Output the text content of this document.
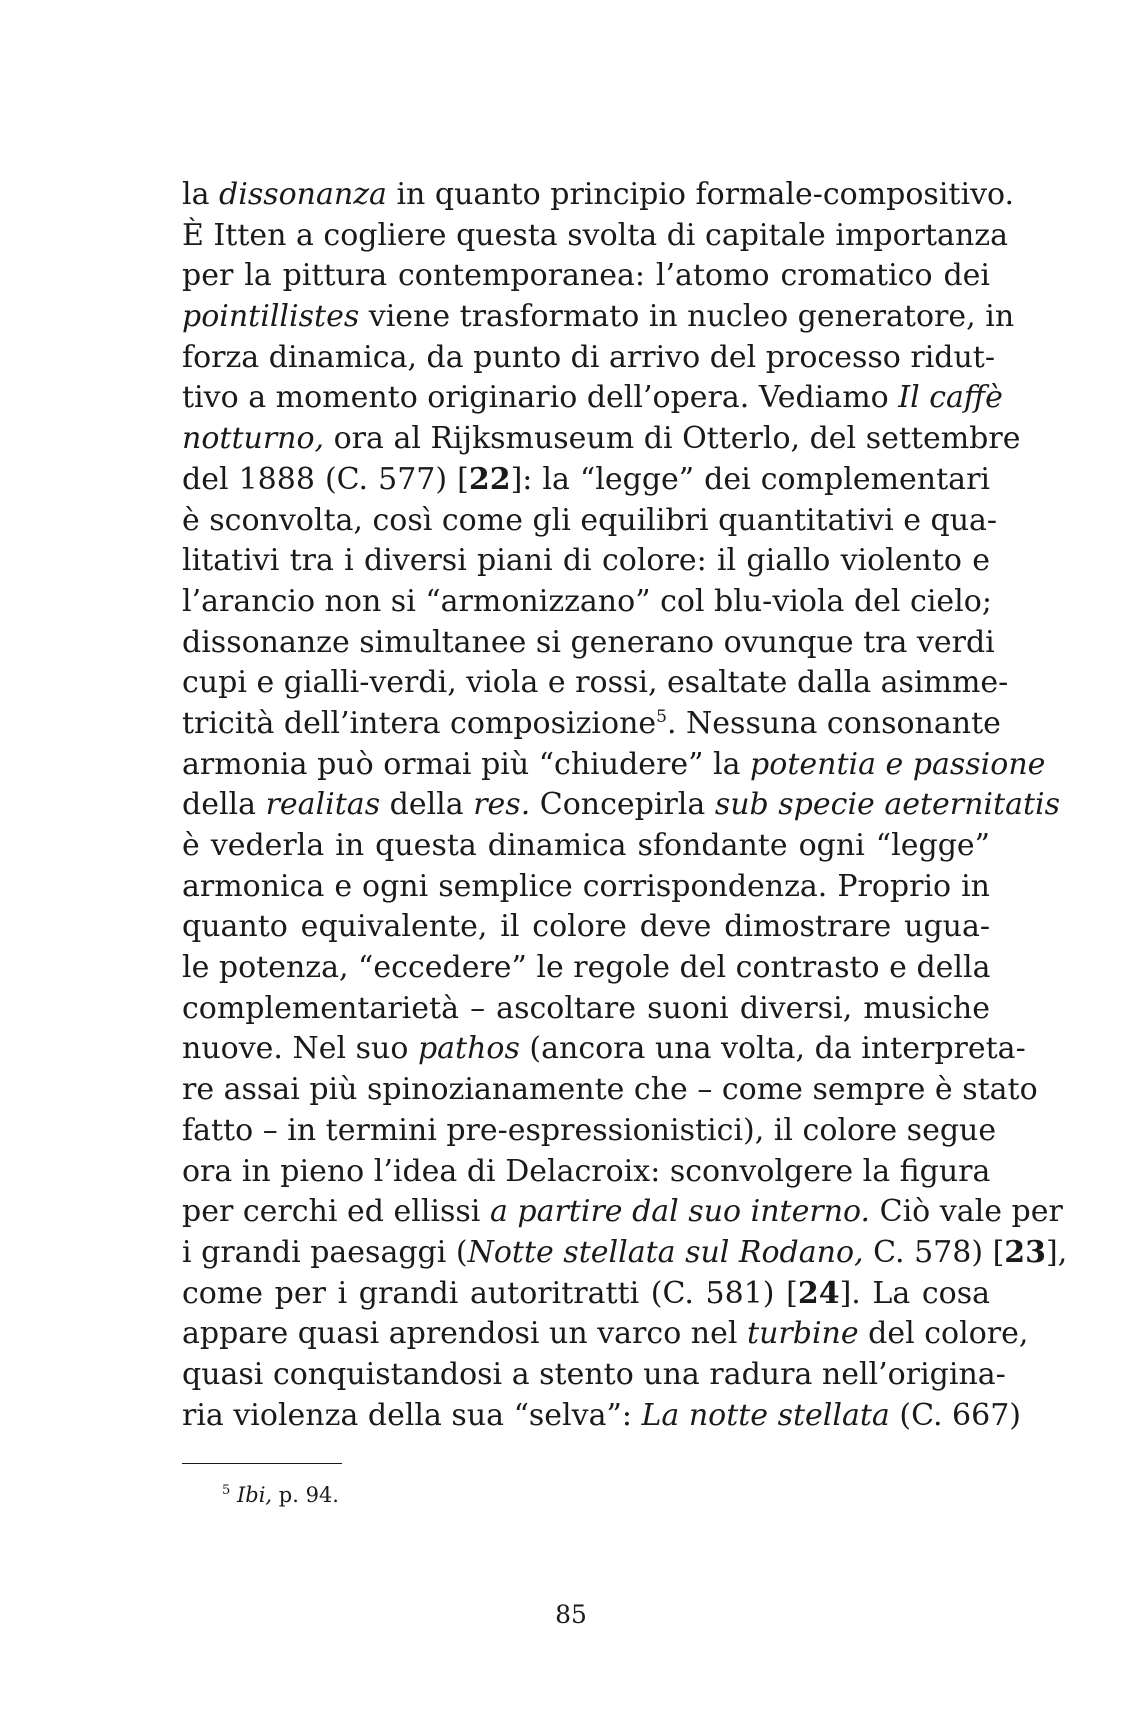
la dissonanza in quanto principio formale-compositivo.
È Itten a cogliere questa svolta di capitale importanza
per la pittura contemporanea: l’atomo cromatico dei
pointillistes viene trasformato in nucleo generatore, in
forza dinamica, da punto di arrivo del processo ridut-
tivo a momento originario dell’opera. Vediamo Il caffè
notturno, ora al Rijksmuseum di Otterlo, del settembre
del 1888 (C. 577) [22]: la “legge” dei complementari
è sconvolta, così come gli equilibri quantitativi e qua-
litativi tra i diversi piani di colore: il giallo violento e
l’arancio non si “armonizzano” col blu-viola del cielo;
dissonanze simultanee si generano ovunque tra verdi
cupi e gialli-verdi, viola e rossi, esaltate dalla asimme-
tricità dell’intera composizione$^5$. Nessuna consonante
armonia può ormai più “chiudere” la potentia e passione
della realitas della res. Concepirla sub specie aeternitatis
è vederla in questa dinamica sfondante ogni “legge”
armonica e ogni semplice corrispondenza. Proprio in
quanto equivalente, il colore deve dimostrare ugua-
le potenza, “eccedere” le regole del contrasto e della
complementarietà – ascoltare suoni diversi, musiche
nuove. Nel suo pathos (ancora una volta, da interpreta-
re assai più spinozianamente che – come sempre è stato
fatto – in termini pre-espressionistici), il colore segue
ora in pieno l’idea di Delacroix: sconvolgere la figura
per cerchi ed ellissi a partire dal suo interno. Ciò vale per
i grandi paesaggi (Notte stellata sul Rodano, C. 578) [23],
come per i grandi autoritratti (C. 581) [24]. La cosa
appare quasi aprendosi un varco nel turbine del colore,
quasi conquistandosi a stento una radura nell’origina-
ria violenza della sua “selva”: La notte stellata (C. 667)
$^5$ Ibi, p. 94.
85
